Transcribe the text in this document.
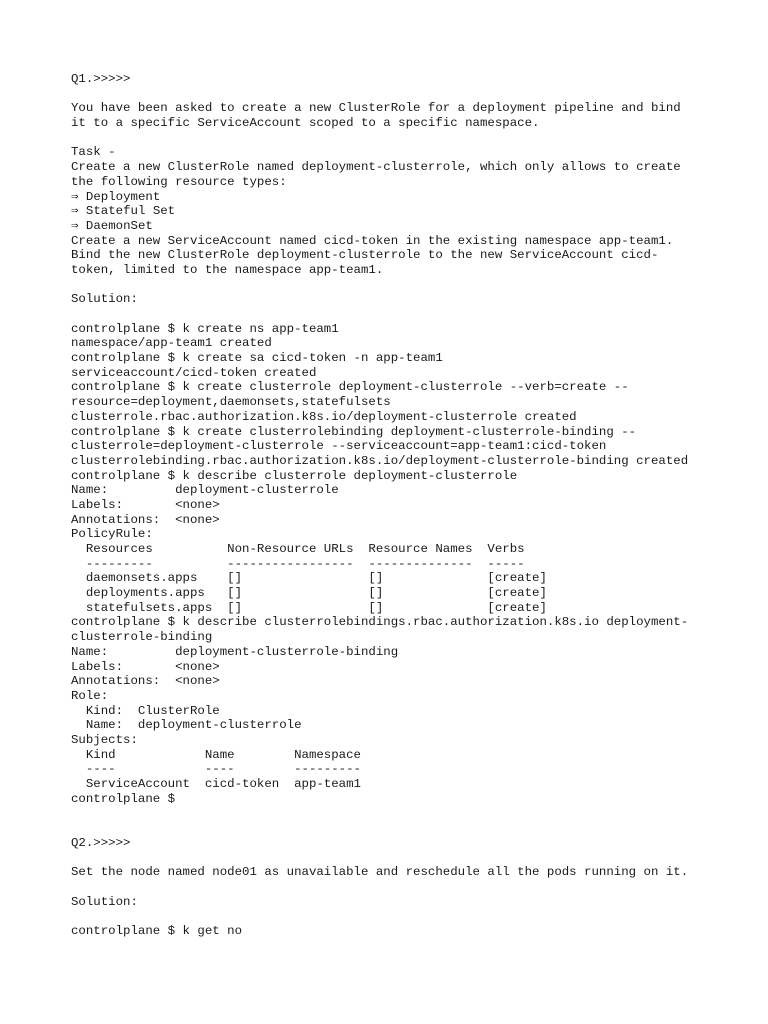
Q1.>>>>>
You have been asked to create a new ClusterRole for a deployment pipeline and bind
it to a specific ServiceAccount scoped to a specific namespace.
Task -
Create a new ClusterRole named deployment-clusterrole, which only allows to create
the following resource types:
⇒ Deployment
⇒ Stateful Set
⇒ DaemonSet
Create a new ServiceAccount named cicd-token in the existing namespace app-team1.
Bind the new ClusterRole deployment-clusterrole to the new ServiceAccount cicd-
token, limited to the namespace app-team1.
Solution:
controlplane $ k create ns app-team1
namespace/app-team1 created
controlplane $ k create sa cicd-token -n app-team1
serviceaccount/cicd-token created
controlplane $ k create clusterrole deployment-clusterrole --verb=create --
resource=deployment,daemonsets,statefulsets
clusterrole.rbac.authorization.k8s.io/deployment-clusterrole created
controlplane $ k create clusterrolebinding deployment-clusterrole-binding --
clusterrole=deployment-clusterrole --serviceaccount=app-team1:cicd-token
clusterrolebinding.rbac.authorization.k8s.io/deployment-clusterrole-binding created
controlplane $ k describe clusterrole deployment-clusterrole
Name:         deployment-clusterrole
Labels:       <none>
Annotations:  <none>
PolicyRule:
Resources          Non-Resource URLs  Resource Names  Verbs
---------          -----------------  --------------  -----
daemonsets.apps    []                 []              [create]
deployments.apps   []                 []              [create]
statefulsets.apps  []                 []              [create]
controlplane $ k describe clusterrolebindings.rbac.authorization.k8s.io deployment-
clusterrole-binding
Name:         deployment-clusterrole-binding
Labels:       <none>
Annotations:  <none>
Role:
Kind:  ClusterRole
Name:  deployment-clusterrole
Subjects:
Kind            Name        Namespace
----            ----        ---------
ServiceAccount  cicd-token  app-team1
controlplane $
Q2.>>>>>
Set the node named node01 as unavailable and reschedule all the pods running on it.
Solution:
controlplane $ k get no
